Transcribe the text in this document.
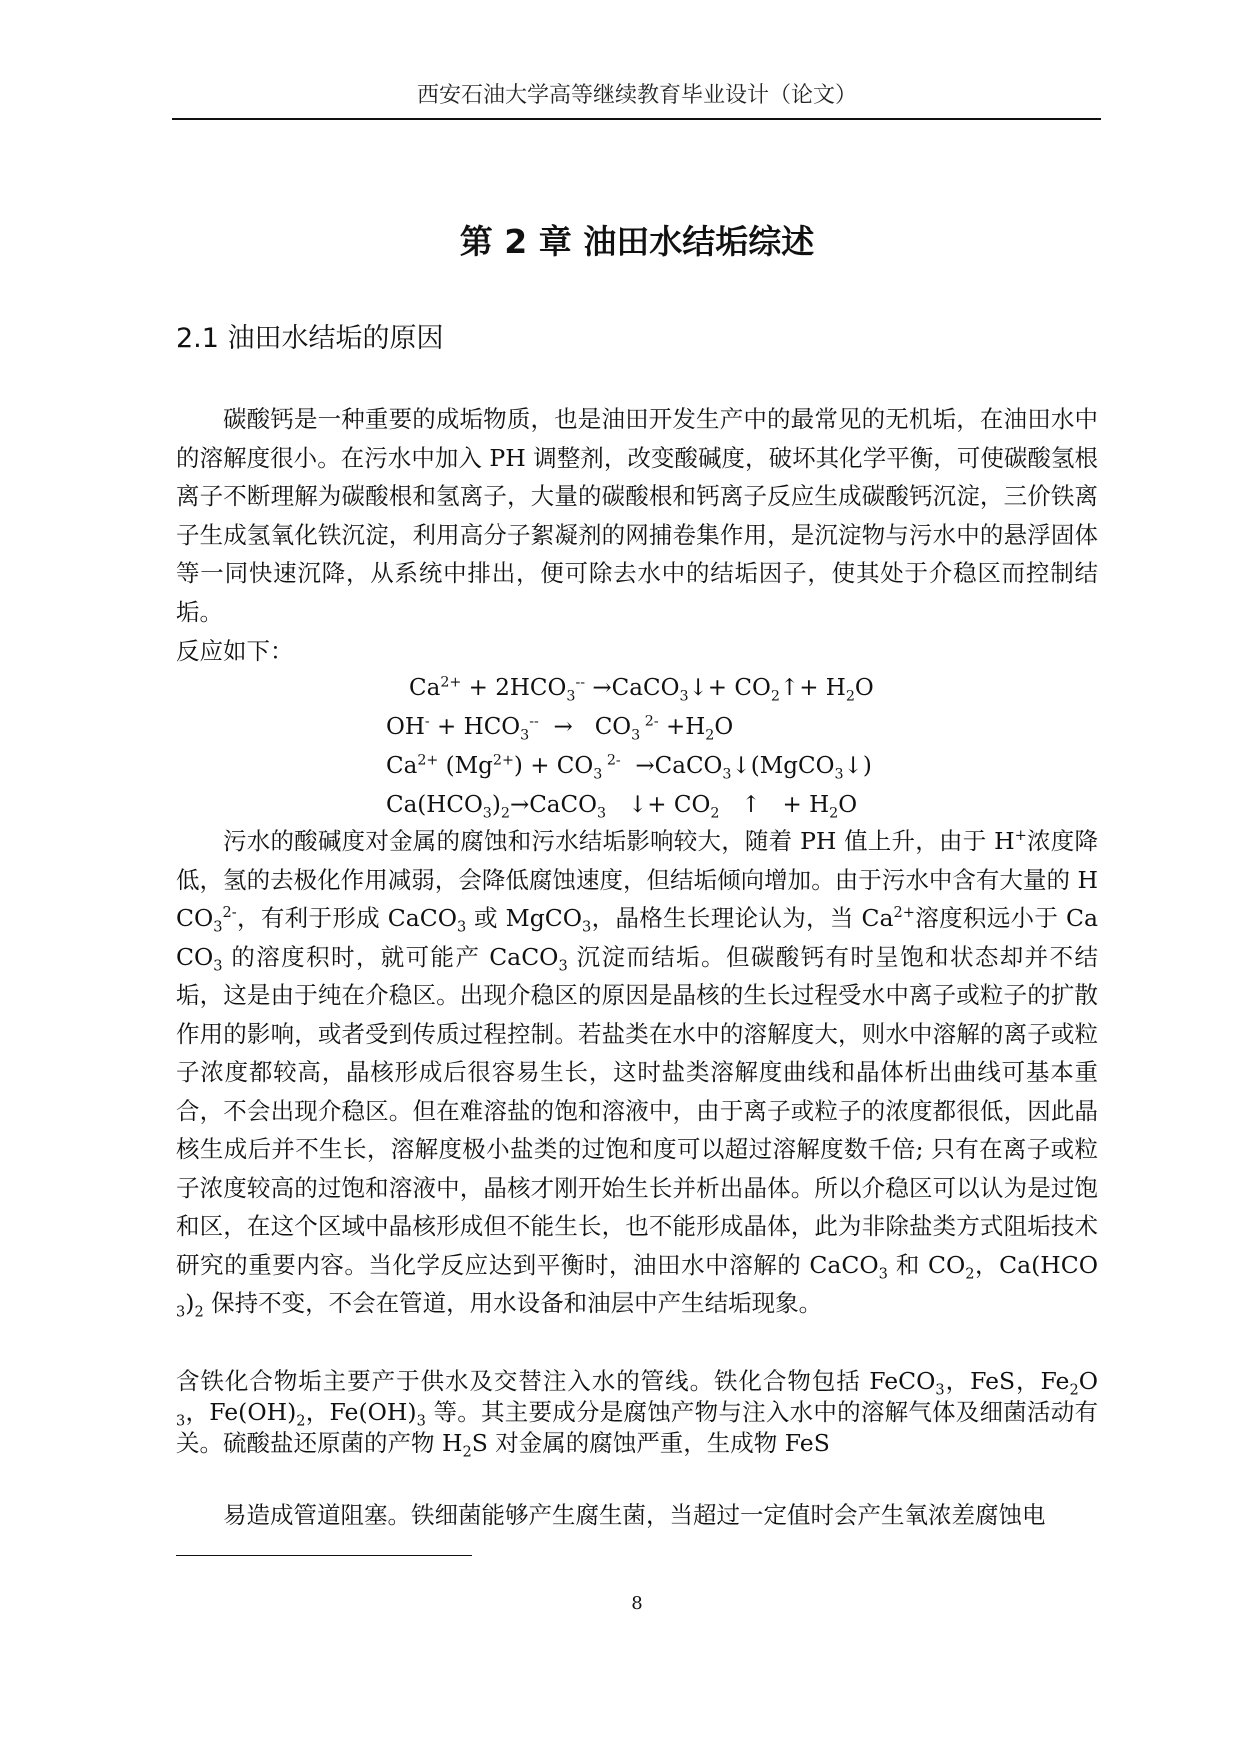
西安石油大学高等继续教育毕业设计（论文）
第 2 章 油田水结垢综述
2.1 油田水结垢的原因
碳酸钙是一种重要的成垢物质，也是油田开发生产中的最常见的无机垢，在油田水中的溶解度很小。在污水中加入 PH 调整剂，改变酸碱度，破坏其化学平衡，可使碳酸氢根离子不断理解为碳酸根和氢离子，大量的碳酸根和钙离子反应生成碳酸钙沉淀，三价铁离子生成氢氧化铁沉淀，利用高分子絮凝剂的网捕卷集作用，是沉淀物与污水中的悬浮固体等一同快速沉降，从系统中排出，便可除去水中的结垢因子，使其处于介稳区而控制结垢。
反应如下：
$Ca^{2+} + 2HCO_3^{--}$ →CaCO$_3$↓+ $CO_2↑+ H_2O$
$OH^- + HCO_3^{--} \to CO_3$ $^{2-} +H_2O$
$Ca^{2+}$ $(Mg^{2+}) + CO_3$ $^{2-}$  →CaCO$_3$↓(MgCO$_3$↓)
$Ca(HCO_3)_2\to CaCO_3$   ↓+ $CO_2$   ↑   + $H_2O$
污水的酸碱度对金属的腐蚀和污水结垢影响较大，随着 PH 值上升，由于 H+浓度降低，氢的去极化作用减弱，会降低腐蚀速度，但结垢倾向增加。由于污水中含有大量的 $HCO_3^{2-}$，有利于形成 CaCO$_3$ 或 MgCO$_3$，晶格生长理论认为，当 $Ca^{2+}$溶度积远小于 CaCO$_3$ 的溶度积时，就可能产 CaCO$_3$ 沉淀而结垢。但碳酸钙有时呈饱和状态却并不结垢，这是由于纯在介稳区。出现介稳区的原因是晶核的生长过程受水中离子或粒子的扩散作用的影响，或者受到传质过程控制。若盐类在水中的溶解度大，则水中溶解的离子或粒子浓度都较高，晶核形成后很容易生长，这时盐类溶解度曲线和晶体析出曲线可基本重合，不会出现介稳区。但在难溶盐的饱和溶液中，由于离子或粒子的浓度都很低，因此晶核生成后并不生长，溶解度极小盐类的过饱和度可以超过溶解度数千倍; 只有在离子或粒子浓度较高的过饱和溶液中，晶核才刚开始生长并析出晶体。所以介稳区可以认为是过饱和区，在这个区域中晶核形成但不能生长，也不能形成晶体，此为非除盐类方式阻垢技术研究的重要内容。当化学反应达到平衡时，油田水中溶解的 CaCO$_3$ 和 $CO_2$，$Ca(HCO_3)_2$ 保持不变，不会在管道，用水设备和油层中产生结垢现象。
含铁化合物垢主要产于供水及交替注入水的管线。铁化合物包括 FeCO$_3$，FeS，$Fe_2O_3$，$Fe(OH)_2$，$Fe(OH)_3$ 等。其主要成分是腐蚀产物与注入水中的溶解气体及细菌活动有关。硫酸盐还原菌的产物 $H_2S$ 对金属的腐蚀严重，生成物 FeS
易造成管道阻塞。铁细菌能够产生腐生菌，当超过一定值时会产生氧浓差腐蚀电
8
